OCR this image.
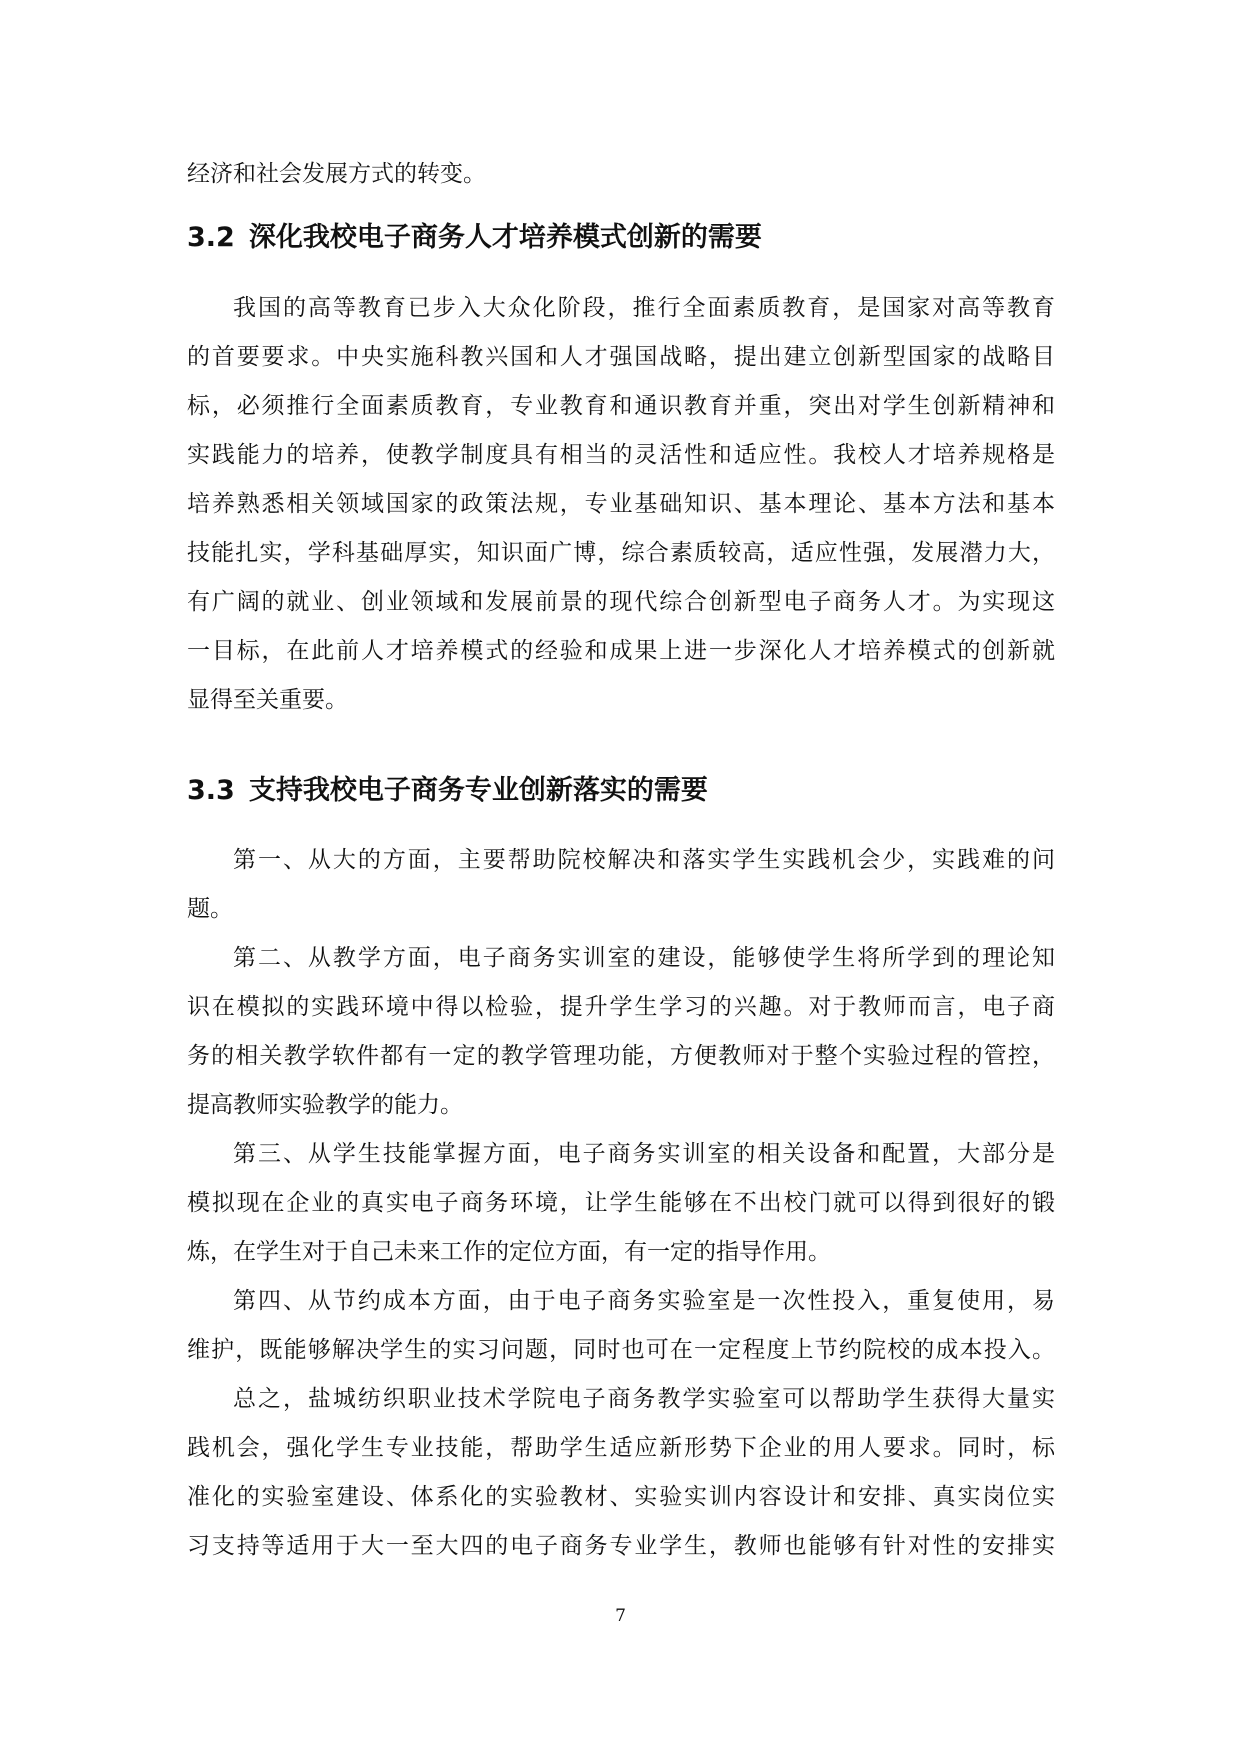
经济和社会发展方式的转变。
3.2 深化我校电子商务人才培养模式创新的需要
我国的高等教育已步入大众化阶段，推行全面素质教育，是国家对高等教育
的首要要求。中央实施科教兴国和人才强国战略，提出建立创新型国家的战略目
标，必须推行全面素质教育，专业教育和通识教育并重，突出对学生创新精神和
实践能力的培养，使教学制度具有相当的灵活性和适应性。我校人才培养规格是
培养熟悉相关领域国家的政策法规，专业基础知识、基本理论、基本方法和基本
技能扎实，学科基础厚实，知识面广博，综合素质较高，适应性强，发展潜力大，
有广阔的就业、创业领域和发展前景的现代综合创新型电子商务人才。为实现这
一目标，在此前人才培养模式的经验和成果上进一步深化人才培养模式的创新就
显得至关重要。
3.3 支持我校电子商务专业创新落实的需要
第一、从大的方面，主要帮助院校解决和落实学生实践机会少，实践难的问
题。
第二、从教学方面，电子商务实训室的建设，能够使学生将所学到的理论知
识在模拟的实践环境中得以检验，提升学生学习的兴趣。对于教师而言，电子商
务的相关教学软件都有一定的教学管理功能，方便教师对于整个实验过程的管控，
提高教师实验教学的能力。
第三、从学生技能掌握方面，电子商务实训室的相关设备和配置，大部分是
模拟现在企业的真实电子商务环境，让学生能够在不出校门就可以得到很好的锻
炼，在学生对于自己未来工作的定位方面，有一定的指导作用。
第四、从节约成本方面，由于电子商务实验室是一次性投入，重复使用，易
维护，既能够解决学生的实习问题，同时也可在一定程度上节约院校的成本投入。
总之，盐城纺织职业技术学院电子商务教学实验室可以帮助学生获得大量实
践机会，强化学生专业技能，帮助学生适应新形势下企业的用人要求。同时，标
准化的实验室建设、体系化的实验教材、实验实训内容设计和安排、真实岗位实
习支持等适用于大一至大四的电子商务专业学生，教师也能够有针对性的安排实
7
